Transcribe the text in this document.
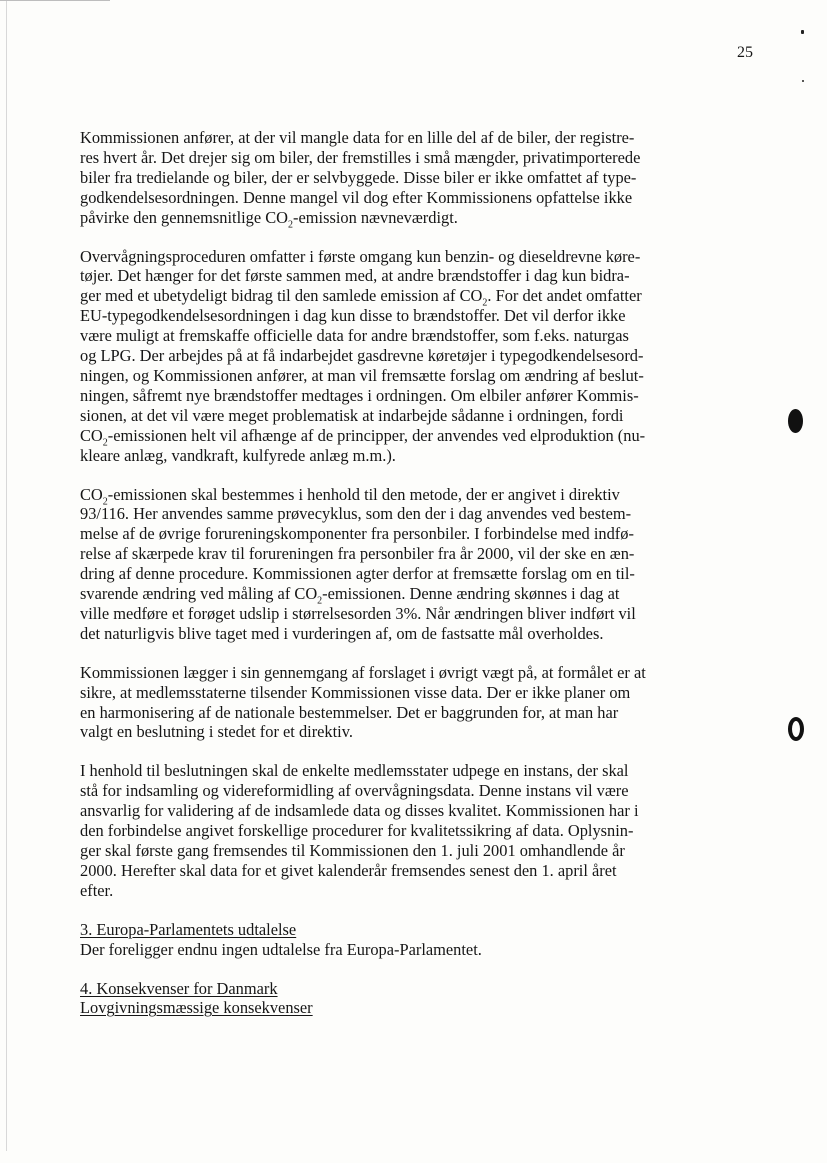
25

Kommissionen anfører, at der vil mangle data for en lille del af de biler, der registre-
res hvert år. Det drejer sig om biler, der fremstilles i små mængder, privatimporterede
biler fra tredielande og biler, der er selvbyggede. Disse biler er ikke omfattet af type-
godkendelsesordningen. Denne mangel vil dog efter Kommissionens opfattelse ikke
påvirke den gennemsnitlige $CO_2$-emission nævneværdigt.

Overvågningsproceduren omfatter i første omgang kun benzin- og dieseldrevne køre-
tøjer. Det hænger for det første sammen med, at andre brændstoffer i dag kun bidra-
ger med et ubetydeligt bidrag til den samlede emission af $CO_2$. For det andet omfatter
EU-typegodkendelsesordningen i dag kun disse to brændstoffer. Det vil derfor ikke
være muligt at fremskaffe officielle data for andre brændstoffer, som f.eks. naturgas
og LPG. Der arbejdes på at få indarbejdet gasdrevne køretøjer i typegodkendelsesord-
ningen, og Kommissionen anfører, at man vil fremsætte forslag om ændring af beslut-
ningen, såfremt nye brændstoffer medtages i ordningen. Om elbiler anfører Kommis-
sionen, at det vil være meget problematisk at indarbejde sådanne i ordningen, fordi
$CO_2$-emissionen helt vil afhænge af de principper, der anvendes ved elproduktion (nu-
kleare anlæg, vandkraft, kulfyrede anlæg m.m.).

$CO_2$-emissionen skal bestemmes i henhold til den metode, der er angivet i direktiv
93/116. Her anvendes samme prøvecyklus, som den der i dag anvendes ved bestem-
melse af de øvrige forureningskomponenter fra personbiler. I forbindelse med indfø-
relse af skærpede krav til forureningen fra personbiler fra år 2000, vil der ske en æn-
dring af denne procedure. Kommissionen agter derfor at fremsætte forslag om en til-
svarende ændring ved måling af $CO_2$-emissionen. Denne ændring skønnes i dag at
ville medføre et forøget udslip i størrelsesorden 3%. Når ændringen bliver indført vil
det naturligvis blive taget med i vurderingen af, om de fastsatte mål overholdes.

Kommissionen lægger i sin gennemgang af forslaget i øvrigt vægt på, at formålet er at
sikre, at medlemsstaterne tilsender Kommissionen visse data. Der er ikke planer om
en harmonisering af de nationale bestemmelser. Det er baggrunden for, at man har
valgt en beslutning i stedet for et direktiv.

I henhold til beslutningen skal de enkelte medlemsstater udpege en instans, der skal
stå for indsamling og videreformidling af overvågningsdata. Denne instans vil være
ansvarlig for validering af de indsamlede data og disses kvalitet. Kommissionen har i
den forbindelse angivet forskellige procedurer for kvalitetssikring af data. Oplysnin-
ger skal første gang fremsendes til Kommissionen den 1. juli 2001 omhandlende år
2000. Herefter skal data for et givet kalenderår fremsendes senest den 1. april året
efter.

3. Europa-Parlamentets udtalelse
Der foreligger endnu ingen udtalelse fra Europa-Parlamentet.
4. Konsekvenser for Danmark
Lovgivningsmæssige konsekvenser
